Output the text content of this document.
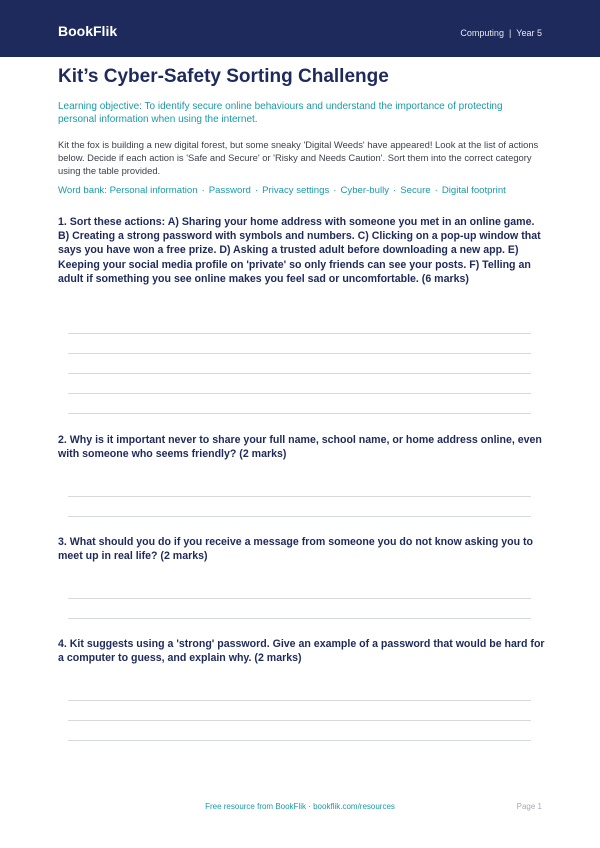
BookFlik	Computing | Year 5
Kit’s Cyber-Safety Sorting Challenge
Learning objective: To identify secure online behaviours and understand the importance of protecting personal information when using the internet.
Kit the fox is building a new digital forest, but some sneaky 'Digital Weeds' have appeared! Look at the list of actions below. Decide if each action is 'Safe and Secure' or 'Risky and Needs Caution'. Sort them into the correct category using the table provided.
Word bank: Personal information · Password · Privacy settings · Cyber-bully · Secure · Digital footprint
1. Sort these actions: A) Sharing your home address with someone you met in an online game. B) Creating a strong password with symbols and numbers. C) Clicking on a pop-up window that says you have won a free prize. D) Asking a trusted adult before downloading a new app. E) Keeping your social media profile on 'private' so only friends can see your posts. F) Telling an adult if something you see online makes you feel sad or uncomfortable. (6 marks)
2. Why is it important never to share your full name, school name, or home address online, even with someone who seems friendly? (2 marks)
3. What should you do if you receive a message from someone you do not know asking you to meet up in real life? (2 marks)
4. Kit suggests using a 'strong' password. Give an example of a password that would be hard for a computer to guess, and explain why. (2 marks)
Free resource from BookFlik · bookflik.com/resources	Page 1
